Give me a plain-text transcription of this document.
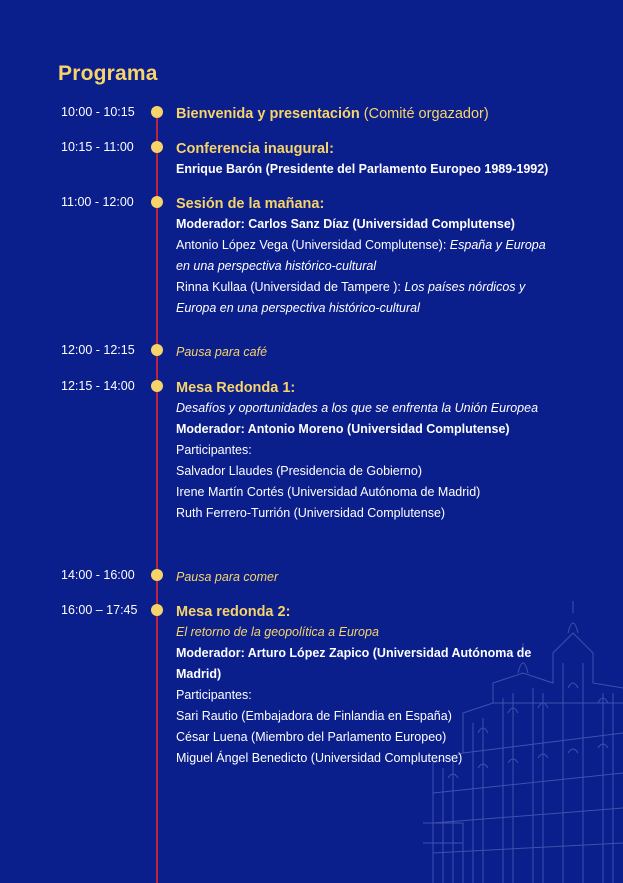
Programa
10:00 - 10:15	Bienvenida y presentación (Comité orgazador)
10:15 - 11:00	Conferencia inaugural:
Enrique Barón (Presidente del Parlamento Europeo 1989-1992)
11:00 - 12:00	Sesión de la mañana:
Moderador: Carlos Sanz Díaz (Universidad Complutense)
Antonio López Vega (Universidad Complutense): España y Europa
en una perspectiva histórico-cultural
Rinna Kullaa (Universidad de Tampere ): Los países nórdicos y
Europa en una perspectiva histórico-cultural
12:00 - 12:15	Pausa para café
12:15 - 14:00	Mesa Redonda 1:
Desafíos y oportunidades a los que se enfrenta la Unión Europea
Moderador: Antonio Moreno (Universidad Complutense)
Participantes:
Salvador Llaudes (Presidencia de Gobierno)
Irene Martín Cortés (Universidad Autónoma de Madrid)
Ruth Ferrero-Turrión (Universidad Complutense)
14:00 - 16:00	Pausa para comer
16:00 – 17:45	Mesa redonda 2:
El retorno de la geopolítica a Europa
Moderador: Arturo López Zapico (Universidad Autónoma de
Madrid)
Participantes:
Sari Rautio (Embajadora de Finlandia en España)
César Luena (Miembro del Parlamento Europeo)
Miguel Ángel Benedicto (Universidad Complutense)
